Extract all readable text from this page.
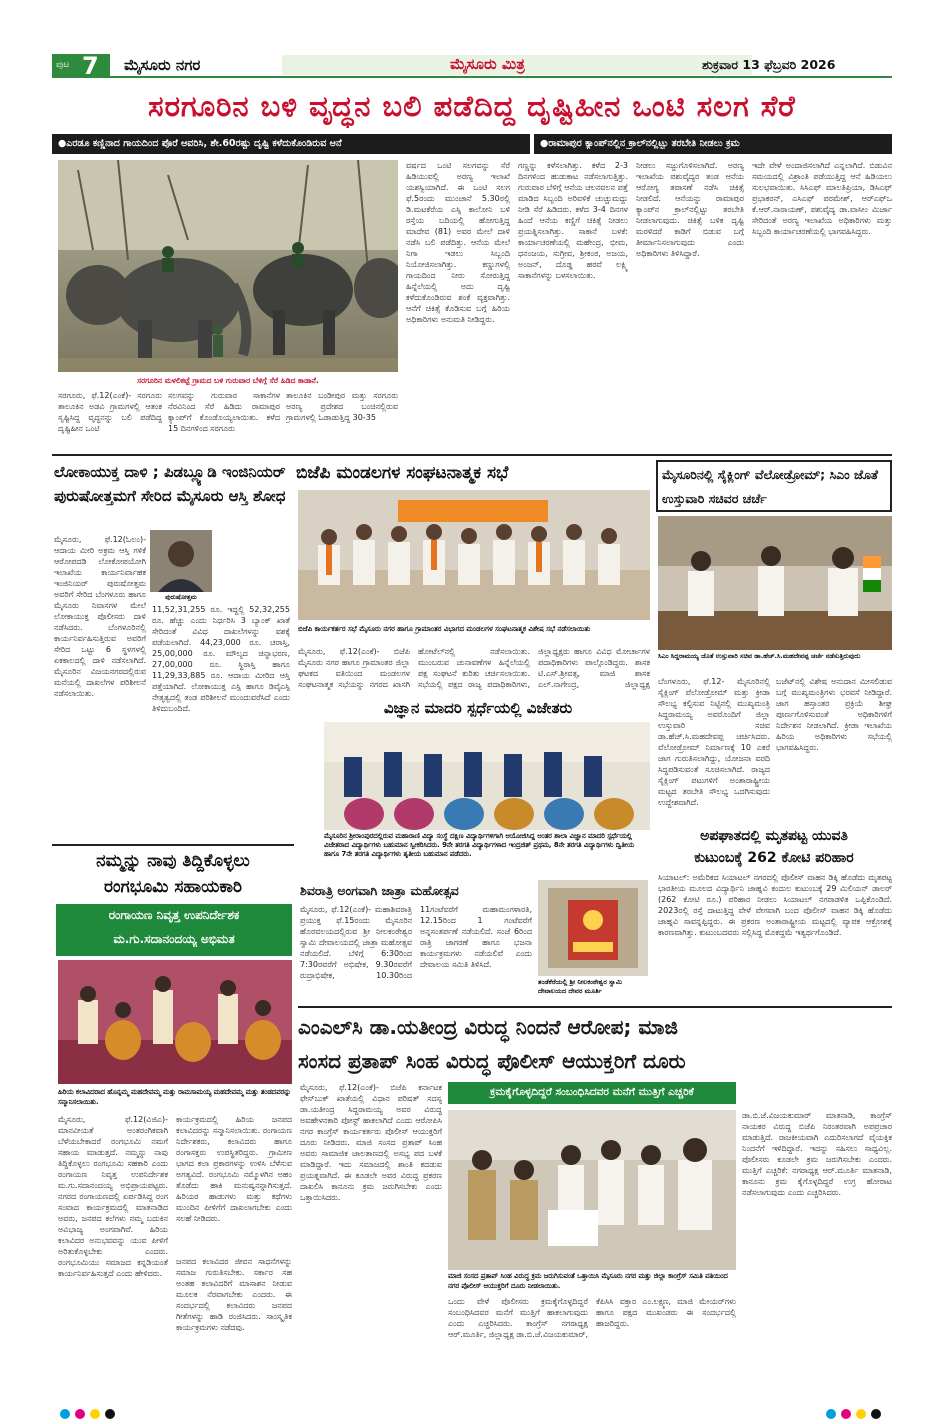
ಪುಟ 7 ಮೈಸೂರು ನಗರ	ಮೈಸೂರು ಮಿತ್ರ	ಶುಕ್ರವಾರ 13 ಫೆಬ್ರವರಿ 2026
ಸರಗೂರಿನ ಬಳಿ ವೃದ್ಧನ ಬಲಿ ಪಡೆದಿದ್ದ ದೃಷ್ಟಿಹೀನ ಒಂಟಿ ಸಲಗ ಸೆರೆ
●ಎರಡೂ ಕಣ್ಣಿನಾದ ಗಾಯದಿಂದ ಪೊರೆ ಆವರಿಸಿ, ಶೇ.60ರಷ್ಟು ದೃಷ್ಟಿ ಕಳೆದುಕೊಂಡಿರುವ ಆನೆ	●ರಾಮಾಪುರ ಕ್ಯಾಂಪ್‌ನಲ್ಲಿನ ಕ್ರಾಲ್‌ನಲ್ಲಿಟ್ಟು ತರಬೇತಿ ನೀಡಲು ಕ್ರಮ
ಸರಗೂರಿನ ಮಳಲಿಕಟ್ಟೆ ಗ್ರಾಮದ ಬಳಿ ಗುರುವಾರ ಬೆಳಿಗ್ಗೆ ಸೆರೆ ಹಿಡಿದ ಕಾಡಾನೆ.
ಸರಗೂರು, ಫೆ.12(ಎಂಕೆ)- ಸರಗೂರು ತಾಲೂಕಿನ ಅಡವಿ ಗ್ರಾಮಗಳಲ್ಲಿ ಆತಂಕ ಸೃಷ್ಟಿಸಿದ್ದ ವೃದ್ಧನನ್ನು ಬಲಿ ಪಡೆದಿದ್ದ ದೃಷ್ಟಿಹೀನ ಒಂಟಿ
ಸಲಗವನ್ನು ಗುರುವಾರ ಸಾಕಾನೆಗಳ ನೆರವಿನಿಂದ ಸೆರೆ ಹಿಡಿದು ರಾಮಾಪುರ ಕ್ಯಾಂಪ್‌ಗೆ ಕೊಂಡೊಯ್ಯಲಾಯಿತು. ಕಳೆದ 15 ದಿನಗಳಿಂದ ಸರಗೂರು
ತಾಲೂಕಿನ ಬಂಡೀಪುರ ಮತ್ತು ಸರಗೂರು ಅರಣ್ಯ ಪ್ರದೇಶದ ಬಂಚಿನಲ್ಲಿರುವ ಗ್ರಾಮಗಳಲ್ಲಿ ಓಡಾಡುತ್ತಿದ್ದ 30-35
ವರ್ಷದ ಒಂಟಿ ಸಲಗವನ್ನು ಸೆರೆ ಹಿಡಿಯುವಲ್ಲಿ ಅರಣ್ಯ ಇಲಾಖೆ ಯಶಸ್ವಿಯಾಗಿದೆ. ಈ ಒಂಟಿ ಸಲಗ ಫೆ.5ರಂದು ಮುಂಜಾನೆ 5.30ರಲ್ಲಿ ಡಿ.ಮಟಕೆರೆಯ ಎಸ್ಸಿ ಕಾಲೋನಿ ಬಳಿ ರಸ್ತೆಯ ಬದಿಯಲ್ಲಿ ಹೋಗುತ್ತಿದ್ದ ಮಾದೇವ (81) ಅವರ ಮೇಲೆ ದಾಳಿ ನಡೆಸಿ ಬಲಿ ಪಡೆದಿತ್ತು. ಆನೆಯ ಮೇಲೆ ನಿಗಾ ಇಡಲು ಸಿಬ್ಬಂದಿ ನಿಯೋಜಿಸಲಾಗಿತ್ತು. ಕಣ್ಣುಗಳಲ್ಲಿ ಗಾಯದಿಂದ ನೀರು ಸೋರುತ್ತಿದ್ದ ಹಿನ್ನೆಲೆಯಲ್ಲಿ ಅದು ದೃಷ್ಟಿ ಕಳೆದುಕೊಂಡಿರುವ ಶಂಕೆ ವ್ಯಕ್ತವಾಗಿತ್ತು. ಆನೆಗೆ ಚಿಕಿತ್ಸೆ ಕೊಡಿಸುವ ಬಗ್ಗೆ ಹಿರಿಯ ಅಧಿಕಾರಿಗಳು ಅನುಮತಿ ನೀಡಿದ್ದರು.
ಗಣ್ಣನ್ನು ಕಳೆಸಲಾಗಿತ್ತು. ಕಳೆದ 2-3 ದಿನಗಳಿಂದ ಹುಡುಕಾಟ ನಡೆಸಲಾಗುತ್ತಿತ್ತು. ಗುರುವಾರ ಬೆಳಿಗ್ಗೆ ಆನೆಯ ಚಲನವಲನ ಪತ್ತೆ ಮಾಡಿದ ಸಿಬ್ಬಂದಿ ಅರಿವಳಿಕೆ ಚುಚ್ಚುಮದ್ದು ನೀಡಿ ಸೆರೆ ಹಿಡಿದರು. ಕಳೆದ 3-4 ದಿನಗಳ ಹಿಂದೆ ಆನೆಯ ಕಣ್ಣಿಗೆ ಚಿಕಿತ್ಸೆ ನೀಡಲು ಪ್ರಯತ್ನಿಸಲಾಗಿತ್ತು. ಸಾಕಾನೆ ಬಳಕೆ: ಕಾರ್ಯಾಚರಣೆಯಲ್ಲಿ ಮಹೇಂದ್ರ, ಭೀಮ, ಧನಂಜಯ, ಸುಗ್ರೀವ, ಶ್ರೀಕಂಠ, ಅಜಯ, ಅಂಜನ್, ದೊಡ್ಡ ಹರವೆ ಲಕ್ಷ್ಮಿ ಸಾಕಾನೆಗಳನ್ನು ಬಳಸಲಾಯಿತು.
ನೀಡಲು ಸಜ್ಜುಗೊಳಿಸಲಾಗಿದೆ. ಅರಣ್ಯ ಇಲಾಖೆಯ ಪಶುವೈದ್ಯರ ತಂಡ ಆನೆಯ ಆರೋಗ್ಯ ತಪಾಸಣೆ ನಡೆಸಿ ಚಿಕಿತ್ಸೆ ನೀಡಲಿದೆ. ಆನೆಯನ್ನು ರಾಮಾಪುರ ಕ್ಯಾಂಪ್‌ನ ಕ್ರಾಲ್‌ನಲ್ಲಿಟ್ಟು ತರಬೇತಿ ನೀಡಲಾಗುವುದು. ಚಿಕಿತ್ಸೆ ಬಳಿಕ ದೃಷ್ಟಿ ಮರಳಿದರೆ ಕಾಡಿಗೆ ಬಿಡುವ ಬಗ್ಗೆ ತೀರ್ಮಾನಿಸಲಾಗುವುದು ಎಂದು ಅಧಿಕಾರಿಗಳು ತಿಳಿಸಿದ್ದಾರೆ.
ಇದೇ ವೇಳೆ ಅಂದಾಜಿಸಲಾಗಿದೆ ಎನ್ನಲಾಗಿದೆ. ಬಿಡುವಿನ ಸಮಯದಲ್ಲಿ ವಿಶ್ರಾಂತಿ ಪಡೆಯುತ್ತಿದ್ದ ಆನೆ ಹಿಡಿಯಲು ಸುಲಭವಾಯಿತು. ಸಿಸಿಎಫ್ ಮಾಲತಿಪ್ರಿಯಾ, ಡಿಸಿಎಫ್ ಪ್ರಭಾಕರನ್, ಎಸಿಎಫ್ ಪರಮೇಶ್, ಆರ್‌ಎಫ್‌ಒ ಕೆ.ಆರ್.ನಾರಾಯಣ್, ಪಶುವೈದ್ಯ ಡಾ.ವಾಸೀಂ ಮಿರ್ಜಾ ಸೇರಿದಂತೆ ಅರಣ್ಯ ಇಲಾಖೆಯ ಅಧಿಕಾರಿಗಳು ಮತ್ತು ಸಿಬ್ಬಂದಿ ಕಾರ್ಯಾಚರಣೆಯಲ್ಲಿ ಭಾಗವಹಿಸಿದ್ದರು.
ಲೋಕಾಯುಕ್ತ ದಾಳಿ ; ಪಿಡಬ್ಲ್ಯೂಡಿ ಇಂಜಿನಿಯರ್ ಪುರುಷೋತ್ತಮಗೆ ಸೇರಿದ ಮೈಸೂರು ಆಸ್ತಿ ಶೋಧ
ಪುರುಷೋತ್ತಮ
ಮೈಸೂರು, ಫೆ.12(ಓಲಂ)- ಆದಾಯ ಮೀರಿ ಅಕ್ರಮ ಆಸ್ತಿ ಗಳಿಕೆ ಆರೋಪದಡಿ ಲೋಕೋಪಯೋಗಿ ಇಲಾಖೆಯ ಕಾರ್ಯನಿರ್ವಾಹಕ ಇಂಜಿನಿಯರ್ ಪುರುಷೋತ್ತಮ ಅವರಿಗೆ ಸೇರಿದ ಬೆಂಗಳೂರು ಹಾಗೂ ಮೈಸೂರು ನಿವಾಸಗಳ ಮೇಲೆ ಲೋಕಾಯುಕ್ತ ಪೊಲೀಸರು ದಾಳಿ ನಡೆಸಿದರು. ಬೆಂಗಳೂರಿನಲ್ಲಿ ಕಾರ್ಯನಿರ್ವಹಿಸುತ್ತಿರುವ ಅವರಿಗೆ ಸೇರಿದ ಒಟ್ಟು 6 ಸ್ಥಳಗಳಲ್ಲಿ ಏಕಕಾಲದಲ್ಲಿ ದಾಳಿ ನಡೆಸಲಾಗಿದೆ. ಮೈಸೂರಿನ ವಿಜಯನಗರದಲ್ಲಿರುವ ಮನೆಯಲ್ಲಿ ದಾಖಲೆಗಳ ಪರಿಶೀಲನೆ ನಡೆಸಲಾಯಿತು.
11,52,31,255 ರೂ. ಇದ್ದಲ್ಲಿ 52,32,255 ರೂ. ಹೆಚ್ಚು ಎಂದು ನಿರ್ಧರಿಸಿ 3 ಬ್ಯಾಂಕ್ ಖಾತೆ ಸೇರಿದಂತೆ ವಿವಿಧ ದಾಖಲೆಗಳನ್ನು ವಶಕ್ಕೆ ಪಡೆಯಲಾಗಿದೆ. 44,23,000 ರೂ. ಚರಾಸ್ತಿ, 25,00,000 ರೂ. ಮೌಲ್ಯದ ಚಿನ್ನಾಭರಣ, 27,00,000 ರೂ. ಸ್ಥಿರಾಸ್ತಿ ಹಾಗೂ 11,29,33,885 ರೂ. ಆದಾಯ ಮೀರಿದ ಆಸ್ತಿ ಪತ್ತೆಯಾಗಿದೆ. ಲೋಕಾಯುಕ್ತ ಎಸ್ಪಿ ಹಾಗೂ ಡಿವೈಎಸ್ಪಿ ನೇತೃತ್ವದಲ್ಲಿ ತಂಡ ಪರಿಶೀಲನೆ ಮುಂದುವರೆಸಿದೆ ಎಂದು ತಿಳಿದುಬಂದಿದೆ.
ಬಿಜೆಪಿ ಮಂಡಲಗಳ ಸಂಘಟನಾತ್ಮಕ ಸಭೆ
ಬಿಜೆಪಿ ಕಾರ್ಯಕರ್ತರ ಸಭೆ ಮೈಸೂರು ನಗರ ಹಾಗೂ ಗ್ರಾಮಾಂತರ ವಿಭಾಗದ ಮಂಡಲಗಳ ಸಂಘಟನಾತ್ಮಕ ವಿಶೇಷ ಸಭೆ ನಡೆಸಲಾಯಿತು
ಮೈಸೂರು, ಫೆ.12(ಎಂಕೆ)- ಬಿಜೆಪಿ ಮೈಸೂರು ನಗರ ಹಾಗೂ ಗ್ರಾಮಾಂತರ ಜಿಲ್ಲಾ ಘಟಕದ ವತಿಯಿಂದ ಮಂಡಲಗಳ ಸಂಘಟನಾತ್ಮಕ ಸಭೆಯನ್ನು ನಗರದ ಖಾಸಗಿ ಹೋಟೆಲ್‌ನಲ್ಲಿ ನಡೆಸಲಾಯಿತು. ಮುಂಬರುವ ಚುನಾವಣೆಗಳ ಹಿನ್ನೆಲೆಯಲ್ಲಿ ಪಕ್ಷ ಸಂಘಟನೆ ಕುರಿತು ಚರ್ಚಿಸಲಾಯಿತು. ಸಭೆಯಲ್ಲಿ ಪಕ್ಷದ ರಾಜ್ಯ ಪದಾಧಿಕಾರಿಗಳು, ಜಿಲ್ಲಾಧ್ಯಕ್ಷರು ಹಾಗೂ ವಿವಿಧ ಮೋರ್ಚಾಗಳ ಪದಾಧಿಕಾರಿಗಳು ಪಾಲ್ಗೊಂಡಿದ್ದರು. ಶಾಸಕ ಟಿ.ಎಸ್.ಶ್ರೀವತ್ಸ, ಮಾಜಿ ಶಾಸಕ ಎಲ್.ನಾಗೇಂದ್ರ, ಜಿಲ್ಲಾಧ್ಯಕ್ಷ
ವಿಜ್ಞಾನ ಮಾದರಿ ಸ್ಪರ್ಧೆಯಲ್ಲಿ ವಿಜೇತರು
ಮೈಸೂರಿನ ಶ್ರೀರಾಂಪುರದಲ್ಲಿರುವ ಮಹಾರಾಣಿ ವಿದ್ಯಾ ಸಂಸ್ಥೆ ದಕ್ಷಿಣ ವಿದ್ಯಾರ್ಥಿಗಳಿಗಾಗಿ ಆಯೋಜಿಸಿದ್ದ ಅಂತರ ಶಾಲಾ ವಿಜ್ಞಾನ ಮಾದರಿ ಸ್ಪರ್ಧೆಯಲ್ಲಿ ವಿಜೇತರಾದ ವಿದ್ಯಾರ್ಥಿಗಳು ಬಹುಮಾನ ಸ್ವೀಕರಿಸಿದರು. 9ನೇ ತರಗತಿ ವಿದ್ಯಾರ್ಥಿಗಳಾದ ಇಂದ್ರಜಿತ್ ಪ್ರಥಮ, 8ನೇ ತರಗತಿ ವಿದ್ಯಾರ್ಥಿಗಳು ದ್ವಿತೀಯ ಹಾಗೂ 7ನೇ ತರಗತಿ ವಿದ್ಯಾರ್ಥಿಗಳು ತೃತೀಯ ಬಹುಮಾನ ಪಡೆದರು.
ಮೈಸೂರಿನಲ್ಲಿ ಸೈಕ್ಲಿಂಗ್ ವೆಲೋಡ್ರೋಮ್; ಸಿಎಂ ಜೊತೆ ಉಸ್ತುವಾರಿ ಸಚಿವರ ಚರ್ಚೆ
ಸಿಎಂ ಸಿದ್ದರಾಮಯ್ಯ ಜೊತೆ ಉಸ್ತುವಾರಿ ಸಚಿವ ಡಾ.ಹೆಚ್.ಸಿ.ಮಹದೇವಪ್ಪ ಚರ್ಚೆ ನಡೆಸುತ್ತಿರುವುದು
ಬೆಂಗಳೂರು, ಫೆ.12- ಮೈಸೂರಿನಲ್ಲಿ ಸೈಕ್ಲಿಂಗ್ ವೆಲೋಡ್ರೋಮ್ ಮತ್ತು ಕ್ರೀಡಾ ಸೌಲಭ್ಯ ಕಲ್ಪಿಸುವ ನಿಟ್ಟಿನಲ್ಲಿ ಮುಖ್ಯಮಂತ್ರಿ ಸಿದ್ದರಾಮಯ್ಯ ಅವರೊಂದಿಗೆ ಜಿಲ್ಲಾ ಉಸ್ತುವಾರಿ ಸಚಿವ ಡಾ.ಹೆಚ್.ಸಿ.ಮಹದೇವಪ್ಪ ಚರ್ಚಿಸಿದರು. ವೆಲೋಡ್ರೋಮ್ ನಿರ್ಮಾಣಕ್ಕೆ 10 ಎಕರೆ ಜಾಗ ಗುರುತಿಸಲಾಗಿದ್ದು, ಯೋಜನಾ ವರದಿ ಸಿದ್ಧಪಡಿಸುವಂತೆ ಸೂಚಿಸಲಾಗಿದೆ. ರಾಜ್ಯದ ಸೈಕ್ಲಿಂಗ್ ಪಟುಗಳಿಗೆ ಅಂತಾರಾಷ್ಟ್ರೀಯ ಮಟ್ಟದ ತರಬೇತಿ ಸೌಲಭ್ಯ ಒದಗಿಸುವುದು ಉದ್ದೇಶವಾಗಿದೆ.
ಬಜೆಟ್‌ನಲ್ಲಿ ವಿಶೇಷ ಅನುದಾನ ಮೀಸಲಿಡುವ ಬಗ್ಗೆ ಮುಖ್ಯಮಂತ್ರಿಗಳು ಭರವಸೆ ನೀಡಿದ್ದಾರೆ. ಜಾಗ ಹಸ್ತಾಂತರ ಪ್ರಕ್ರಿಯೆ ಶೀಘ್ರ ಪೂರ್ಣಗೊಳಿಸುವಂತೆ ಅಧಿಕಾರಿಗಳಿಗೆ ನಿರ್ದೇಶನ ನೀಡಲಾಗಿದೆ. ಕ್ರೀಡಾ ಇಲಾಖೆಯ ಹಿರಿಯ ಅಧಿಕಾರಿಗಳು ಸಭೆಯಲ್ಲಿ ಭಾಗವಹಿಸಿದ್ದರು.
ನಮ್ಮನ್ನು ನಾವು ತಿದ್ದಿಕೊಳ್ಳಲು
ರಂಗಭೂಮಿ ಸಹಾಯಕಾರಿ
ರಂಗಾಯಣ ನಿವೃತ್ತ ಉಪನಿರ್ದೇಶಕ
ಮ.ಗು.ಸದಾನಂದಯ್ಯ ಅಭಿಮತ
ಹಿರಿಯ ಕಲಾವಿದರಾದ ಹೊನ್ನಮ್ಮ ಮಹದೇವಮ್ಮ ಮತ್ತು ರಾಮಸಾಮಯ್ಯ ಮಹದೇವಮ್ಮ ಮತ್ತು ತಂಡದವರನ್ನು ಸನ್ಮಾನಿಸಲಾಯಿತು.
ಮೈಸೂರು, ಫೆ.12(ವಿಜಿಎ)- ಮಾನವೀಯತೆ ಅಂತರಂಗಿಕವಾಗಿ ಬೆಳೆಯಬೇಕಾದರೆ ರಂಗಭೂಮಿ ನಮಗೆ ಸಹಾಯ ಮಾಡುತ್ತದೆ. ನಮ್ಮನ್ನು ನಾವು ತಿದ್ದಿಕೊಳ್ಳಲು ರಂಗಭೂಮಿ ಸಹಕಾರಿ ಎಂದು ರಂಗಾಯಣ ನಿವೃತ್ತ ಉಪನಿರ್ದೇಶಕ ಮ.ಗು.ಸದಾನಂದಯ್ಯ ಅಭಿಪ್ರಾಯಪಟ್ಟರು. ನಗರದ ರಂಗಾಯಣದಲ್ಲಿ ಏರ್ಪಡಿಸಿದ್ದ ರಂಗ ಸಂವಾದ ಕಾರ್ಯಕ್ರಮದಲ್ಲಿ ಮಾತನಾಡಿದ ಅವರು, ಜನಪದ ಕಲೆಗಳು ನಮ್ಮ ಬದುಕಿನ ಅವಿಭಾಜ್ಯ ಅಂಗವಾಗಿವೆ. ಹಿರಿಯ ಕಲಾವಿದರ ಅನುಭವವನ್ನು ಯುವ ಪೀಳಿಗೆ ಅರಿತುಕೊಳ್ಳಬೇಕು ಎಂದರು. ರಂಗಭೂಮಿಯು ಸಮಾಜದ ಕನ್ನಡಿಯಂತೆ ಕಾರ್ಯನಿರ್ವಹಿಸುತ್ತದೆ ಎಂದು ಹೇಳಿದರು.
ಕಾರ್ಯಕ್ರಮದಲ್ಲಿ ಹಿರಿಯ ಜನಪದ ಕಲಾವಿದರನ್ನು ಸನ್ಮಾನಿಸಲಾಯಿತು. ರಂಗಾಯಣ ನಿರ್ದೇಶಕರು, ಕಲಾವಿದರು ಹಾಗೂ ರಂಗಾಸಕ್ತರು ಉಪಸ್ಥಿತರಿದ್ದರು. ಗ್ರಾಮೀಣ ಭಾಗದ ಕಲಾ ಪ್ರಕಾರಗಳನ್ನು ಉಳಿಸಿ ಬೆಳೆಸುವ ಅಗತ್ಯವಿದೆ. ರಂಗಭೂಮಿ ನಮ್ಮೊಳಗಿನ ಅಹಂ ತೊಡೆದು ಹಾಕಿ ಮನುಷ್ಯನನ್ನಾಗಿಸುತ್ತದೆ. ಹಿರಿಯರ ಹಾಡುಗಳು ಮತ್ತು ಕಥೆಗಳು ಮುಂದಿನ ಪೀಳಿಗೆಗೆ ದಾಖಲಾಗಬೇಕು ಎಂದು ಸಲಹೆ ನೀಡಿದರು.
ಜನಪದ ಕಲಾವಿದರ ಜೀವನ ಸಾಧನೆಗಳನ್ನು ಸಮಾಜ ಗುರುತಿಸಬೇಕು. ಸರ್ಕಾರ ಸಹ ಅಂತಹ ಕಲಾವಿದರಿಗೆ ಮಾಸಾಶನ ನೀಡುವ ಮೂಲಕ ನೆರವಾಗಬೇಕು ಎಂದರು. ಈ ಸಂದರ್ಭದಲ್ಲಿ ಕಲಾವಿದರು ಜನಪದ ಗೀತೆಗಳನ್ನು ಹಾಡಿ ರಂಜಿಸಿದರು. ಸಾಂಸ್ಕೃತಿಕ ಕಾರ್ಯಕ್ರಮಗಳು ನಡೆದವು.
ಶಿವರಾತ್ರಿ ಅಂಗವಾಗಿ ಜಾತ್ರಾ ಮಹೋತ್ಸವ
ಮೈಸೂರು, ಫೆ.12(ಎಂಕೆ)- ಮಹಾಶಿವರಾತ್ರಿ ಪ್ರಯುಕ್ತ ಫೆ.15ರಂದು ಮೈಸೂರಿನ ಹೊರವಲಯದಲ್ಲಿರುವ ಶ್ರೀ ನೀಲಕಂಠೇಶ್ವರ ಸ್ವಾಮಿ ದೇವಾಲಯದಲ್ಲಿ ಜಾತ್ರಾ ಮಹೋತ್ಸವ ನಡೆಯಲಿದೆ. ಬೆಳಿಗ್ಗೆ 6:30ರಿಂದ 7:30ರವರೆಗೆ ಅಭಿಷೇಕ, 9.30ರವರೆಗೆ ರುದ್ರಾಭಿಷೇಕ, 10.30ರಿಂದ 11ಗಂಟೆವರೆಗೆ ಮಹಾಮಂಗಳಾರತಿ, 12.15ರಿಂದ 1 ಗಂಟೆವರೆಗೆ ಅನ್ನಸಂತರ್ಪಣೆ ನಡೆಯಲಿದೆ. ಸಂಜೆ 6ರಿಂದ ರಾತ್ರಿ ಜಾಗರಣೆ ಹಾಗೂ ಭಜನಾ ಕಾರ್ಯಕ್ರಮಗಳು ನಡೆಯಲಿವೆ ಎಂದು ದೇವಾಲಯ ಸಮಿತಿ ತಿಳಿಸಿದೆ.
ತಂಡೆಕೆರೆಯಲ್ಲಿ ಶ್ರೀ ನೀಲಕಂಠೇಶ್ವರ ಸ್ವಾಮಿ ದೇವಾಲಯದ ದೇವರ ಮೂರ್ತಿ
ಅಪಘಾತದಲ್ಲಿ ಮೃತಪಟ್ಟ ಯುವತಿ
ಕುಟುಂಬಕ್ಕೆ 262 ಕೋಟಿ ಪರಿಹಾರ
ಸಿಯಾಟಲ್: ಅಮೆರಿಕದ ಸಿಯಾಟಲ್ ನಗರದಲ್ಲಿ ಪೊಲೀಸ್ ವಾಹನ ಡಿಕ್ಕಿ ಹೊಡೆದು ಮೃತಪಟ್ಟ ಭಾರತೀಯ ಮೂಲದ ವಿದ್ಯಾರ್ಥಿನಿ ಜಾಹ್ನವಿ ಕಂದುಲ ಕುಟುಂಬಕ್ಕೆ 29 ಮಿಲಿಯನ್ ಡಾಲರ್ (262 ಕೋಟಿ ರೂ.) ಪರಿಹಾರ ನೀಡಲು ಸಿಯಾಟಲ್ ನಗರಾಡಳಿತ ಒಪ್ಪಿಕೊಂಡಿದೆ. 2023ರಲ್ಲಿ ರಸ್ತೆ ದಾಟುತ್ತಿದ್ದ ವೇಳೆ ವೇಗವಾಗಿ ಬಂದ ಪೊಲೀಸ್ ವಾಹನ ಡಿಕ್ಕಿ ಹೊಡೆದು ಜಾಹ್ನವಿ ಸಾವನ್ನಪ್ಪಿದ್ದರು. ಈ ಪ್ರಕರಣ ಅಂತಾರಾಷ್ಟ್ರೀಯ ಮಟ್ಟದಲ್ಲಿ ವ್ಯಾಪಕ ಆಕ್ರೋಶಕ್ಕೆ ಕಾರಣವಾಗಿತ್ತು. ಕುಟುಂಬದವರು ಸಲ್ಲಿಸಿದ್ದ ಮೊಕದ್ದಮೆ ಇತ್ಯರ್ಥಗೊಂಡಿದೆ.
ಎಂಎಲ್‌ಸಿ ಡಾ.ಯತೀಂದ್ರ ವಿರುದ್ಧ ನಿಂದನೆ ಆರೋಪ; ಮಾಜಿ
ಸಂಸದ ಪ್ರತಾಪ್ ಸಿಂಹ ವಿರುದ್ಧ ಪೊಲೀಸ್ ಆಯುಕ್ತರಿಗೆ ದೂರು
ಕ್ರಮಕೈಗೊಳ್ಳದಿದ್ದರೆ ಸಂಬಂಧಿಸಿದವರ ಮನೆಗೆ ಮುತ್ತಿಗೆ ಎಚ್ಚರಿಕೆ
ಮೈಸೂರು, ಫೆ.12(ಎಂಕೆ)- ಬಿಜೆಪಿ ಕರ್ನಾಟಕ ಫೇಸ್‌ಬುಕ್ ಖಾತೆಯಲ್ಲಿ ವಿಧಾನ ಪರಿಷತ್ ಸದಸ್ಯ ಡಾ.ಯತೀಂದ್ರ ಸಿದ್ದರಾಮಯ್ಯ ಅವರ ವಿರುದ್ಧ ಅವಹೇಳನಕಾರಿ ಪೋಸ್ಟ್ ಹಾಕಲಾಗಿದೆ ಎಂದು ಆರೋಪಿಸಿ ನಗರ ಕಾಂಗ್ರೆಸ್ ಕಾರ್ಯಕರ್ತರು ಪೊಲೀಸ್ ಆಯುಕ್ತರಿಗೆ ದೂರು ನೀಡಿದರು. ಮಾಜಿ ಸಂಸದ ಪ್ರತಾಪ್ ಸಿಂಹ ಅವರು ಸಾಮಾಜಿಕ ಜಾಲತಾಣದಲ್ಲಿ ಅಸಭ್ಯ ಪದ ಬಳಕೆ ಮಾಡಿದ್ದಾರೆ. ಇದು ಸಮಾಜದಲ್ಲಿ ಶಾಂತಿ ಕದಡುವ ಪ್ರಯತ್ನವಾಗಿದೆ. ಈ ಕೂಡಲೇ ಅವರ ವಿರುದ್ಧ ಪ್ರಕರಣ ದಾಖಲಿಸಿ ಕಾನೂನು ಕ್ರಮ ಜರುಗಿಸಬೇಕು ಎಂದು ಒತ್ತಾಯಿಸಿದರು.
ಮಾಜಿ ಸಂಸದ ಪ್ರತಾಪ್ ಸಿಂಹ ವಿರುದ್ಧ ಕ್ರಮ ಜರುಗಿಸುವಂತೆ ಒತ್ತಾಯಿಸಿ ಮೈಸೂರು ನಗರ ಮತ್ತು ಜಿಲ್ಲಾ ಕಾಂಗ್ರೆಸ್ ಸಮಿತಿ ವತಿಯಿಂದ ನಗರ ಪೊಲೀಸ್ ಆಯುಕ್ತರಿಗೆ ದೂರು ನೀಡಲಾಯಿತು.
ಒಂದು ವೇಳೆ ಪೊಲೀಸರು ಕ್ರಮಕೈಗೊಳ್ಳದಿದ್ದರೆ ಸಂಬಂಧಿಸಿದವರ ಮನೆಗೆ ಮುತ್ತಿಗೆ ಹಾಕಲಾಗುವುದು ಎಂದು ಎಚ್ಚರಿಸಿದರು. ಕಾಂಗ್ರೆಸ್ ನಗರಾಧ್ಯಕ್ಷ ಆರ್.ಮೂರ್ತಿ, ಜಿಲ್ಲಾಧ್ಯಕ್ಷ ಡಾ.ಬಿ.ಜೆ.ವಿಜಯಕುಮಾರ್, ಕೆಪಿಸಿಸಿ ವಕ್ತಾರ ಎಂ.ಲಕ್ಷ್ಮಣ, ಮಾಜಿ ಮೇಯರ್‌ಗಳು ಹಾಗೂ ಪಕ್ಷದ ಮುಖಂಡರು ಈ ಸಂದರ್ಭದಲ್ಲಿ ಹಾಜರಿದ್ದರು.
ಡಾ.ಬಿ.ಜೆ.ವಿಜಯಕುಮಾರ್ ಮಾತನಾಡಿ, ಕಾಂಗ್ರೆಸ್ ನಾಯಕರ ವಿರುದ್ಧ ಬಿಜೆಪಿ ನಿರಂತರವಾಗಿ ಅಪಪ್ರಚಾರ ಮಾಡುತ್ತಿದೆ. ರಾಜಕೀಯವಾಗಿ ಎದುರಿಸಲಾಗದೆ ವೈಯಕ್ತಿಕ ನಿಂದನೆಗೆ ಇಳಿದಿದ್ದಾರೆ. ಇದನ್ನು ಸಹಿಸಲು ಸಾಧ್ಯವಿಲ್ಲ. ಪೊಲೀಸರು ಕೂಡಲೇ ಕ್ರಮ ಜರುಗಿಸಬೇಕು ಎಂದರು. ಮುತ್ತಿಗೆ ಎಚ್ಚರಿಕೆ: ನಗರಾಧ್ಯಕ್ಷ ಆರ್.ಮೂರ್ತಿ ಮಾತನಾಡಿ, ಕಾನೂನು ಕ್ರಮ ಕೈಗೊಳ್ಳದಿದ್ದರೆ ಉಗ್ರ ಹೋರಾಟ ನಡೆಸಲಾಗುವುದು ಎಂದು ಎಚ್ಚರಿಸಿದರು.
